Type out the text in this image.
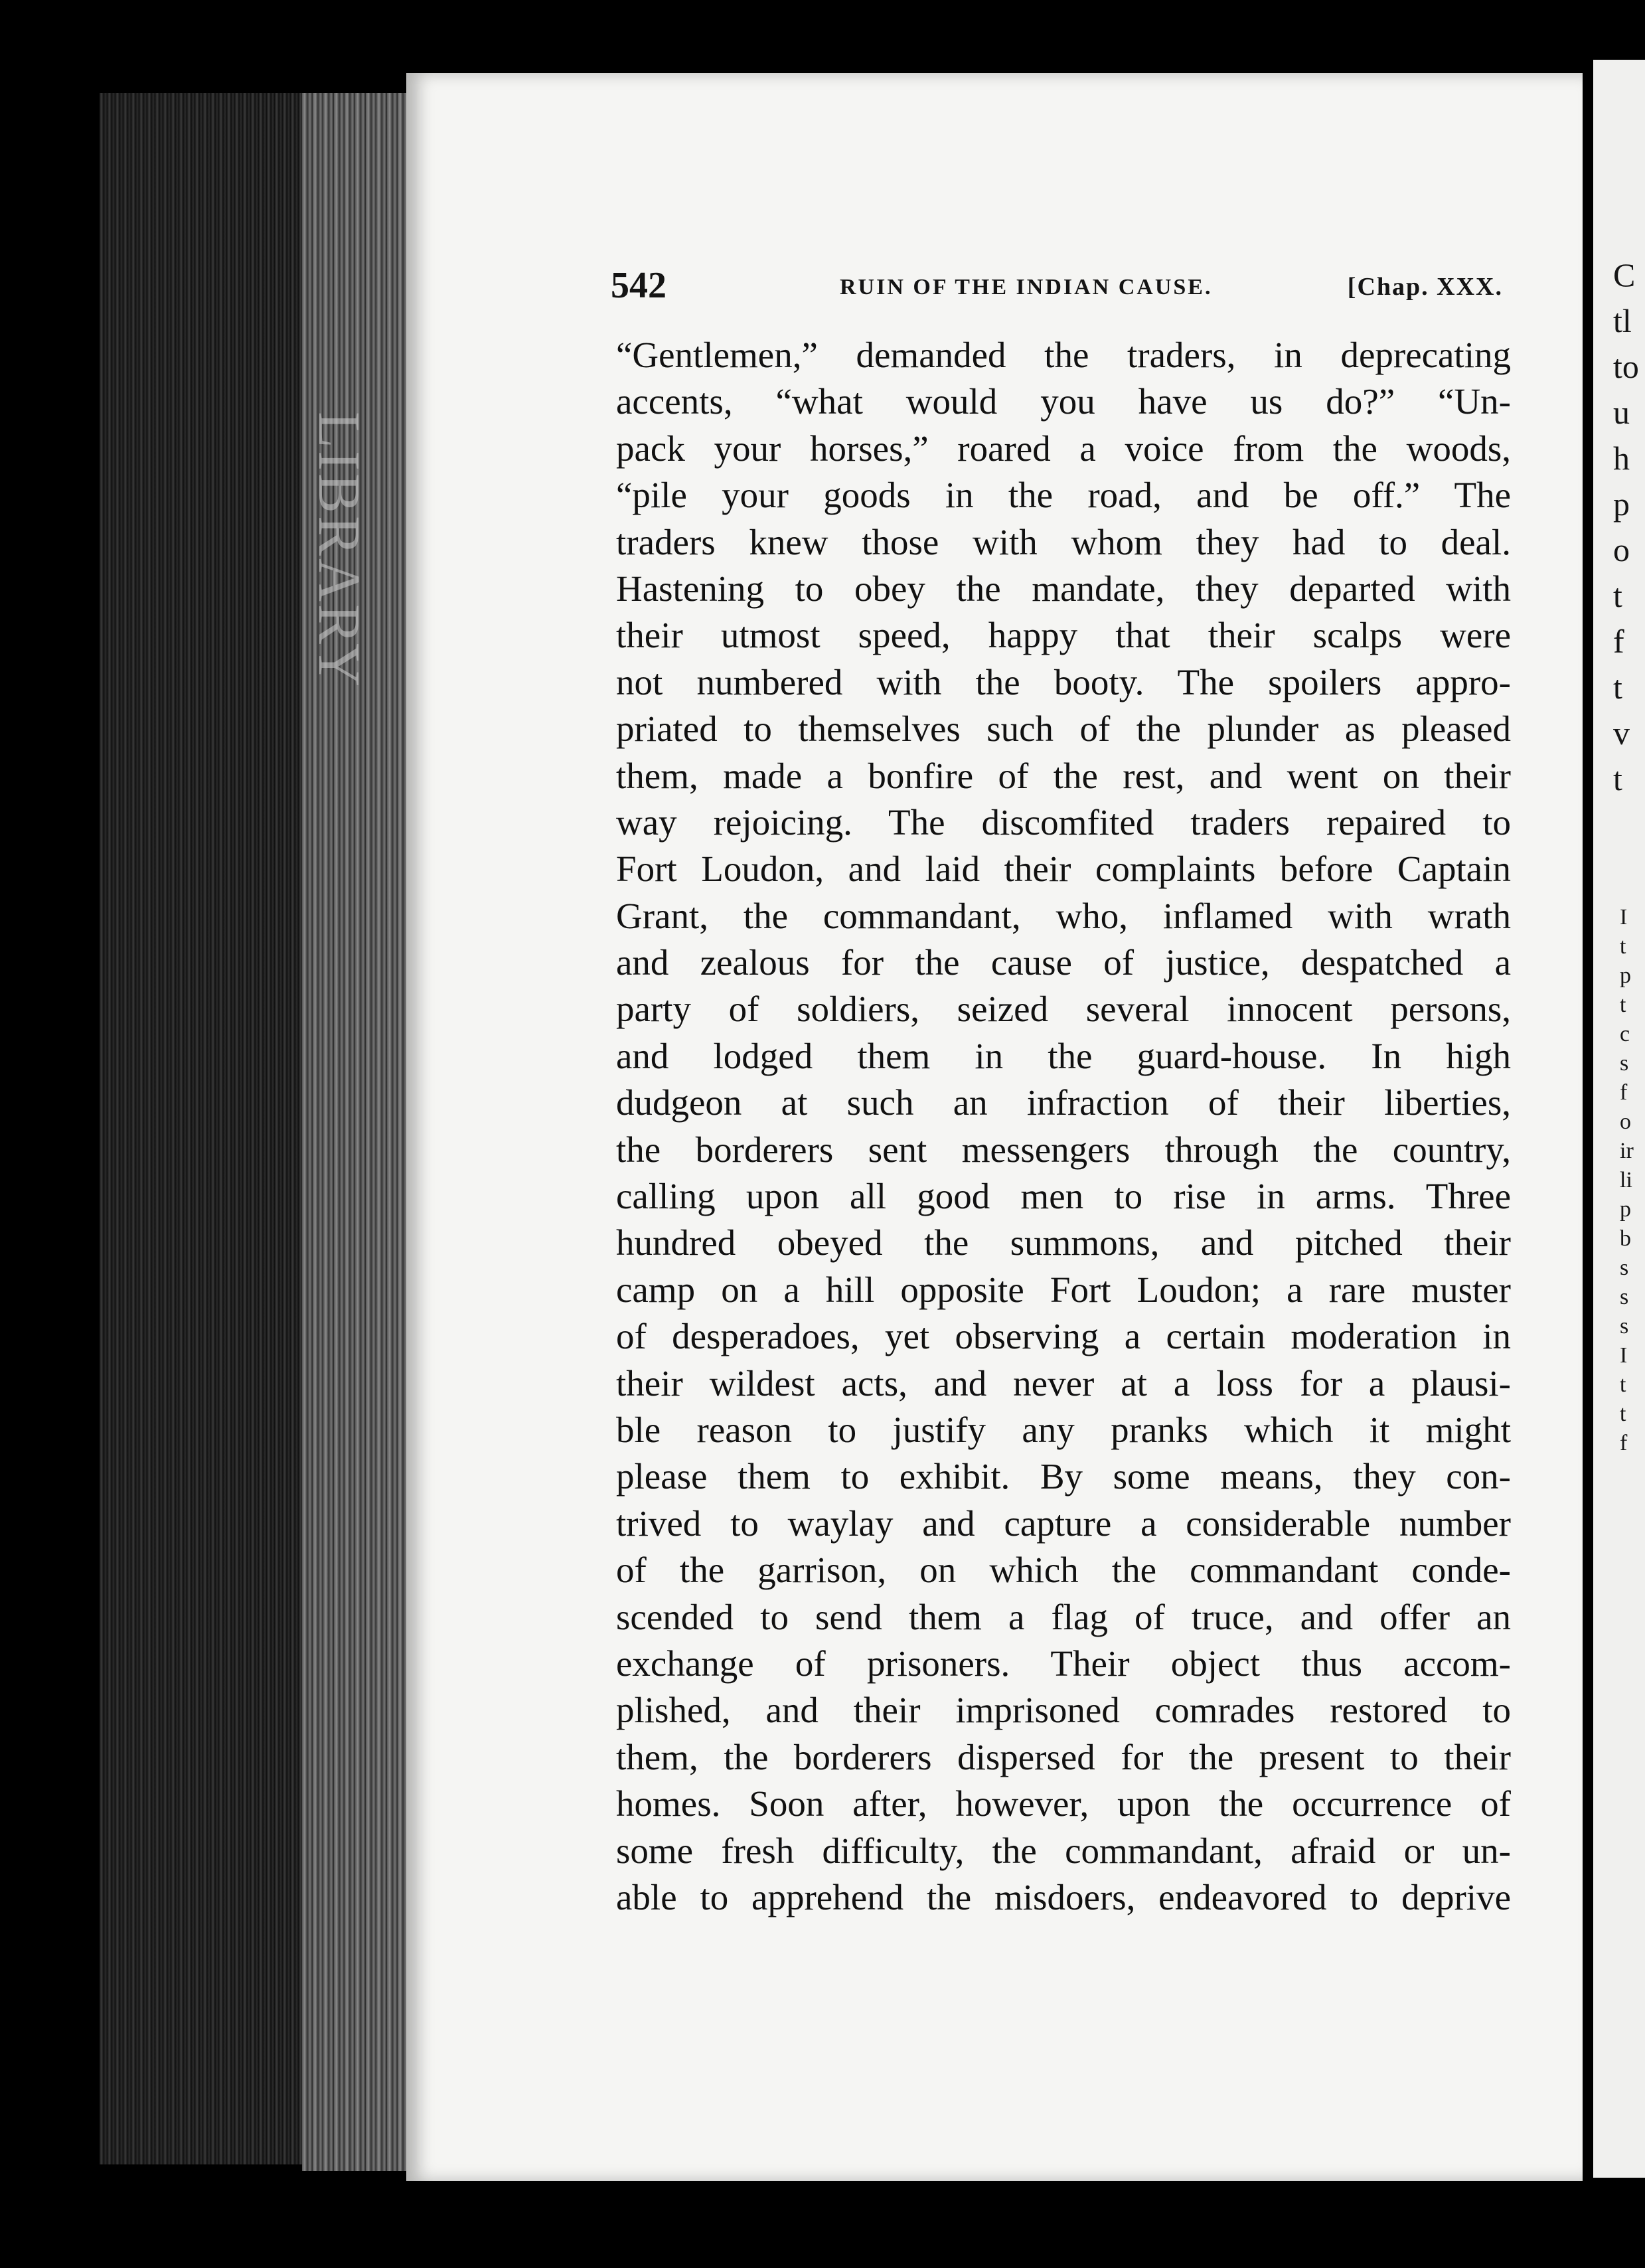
LIBRARY
542	RUIN OF THE INDIAN CAUSE.	[Chap. XXX.
“Gentlemen,” demanded the traders, in deprecating
accents, “what would you have us do?” “Un-
pack your horses,” roared a voice from the woods,
“pile your goods in the road, and be off.” The
traders knew those with whom they had to deal.
Hastening to obey the mandate, they departed with
their utmost speed, happy that their scalps were
not numbered with the booty. The spoilers appro-
priated to themselves such of the plunder as pleased
them, made a bonfire of the rest, and went on their
way rejoicing. The discomfited traders repaired to
Fort Loudon, and laid their complaints before Captain
Grant, the commandant, who, inflamed with wrath
and zealous for the cause of justice, despatched a
party of soldiers, seized several innocent persons,
and lodged them in the guard-house. In high
dudgeon at such an infraction of their liberties,
the borderers sent messengers through the country,
calling upon all good men to rise in arms. Three
hundred obeyed the summons, and pitched their
camp on a hill opposite Fort Loudon; a rare muster
of desperadoes, yet observing a certain moderation in
their wildest acts, and never at a loss for a plausi-
ble reason to justify any pranks which it might
please them to exhibit. By some means, they con-
trived to waylay and capture a considerable number
of the garrison, on which the commandant conde-
scended to send them a flag of truce, and offer an
exchange of prisoners. Their object thus accom-
plished, and their imprisoned comrades restored to
them, the borderers dispersed for the present to their
homes. Soon after, however, upon the occurrence of
some fresh difficulty, the commandant, afraid or un-
able to apprehend the misdoers, endeavored to deprive
C
tl
to
u
h
p
o
t
f
t
v
t
I
t
p
t
c
s
f
o
ir
li
p
b
s
s
s
I
t
t
f
